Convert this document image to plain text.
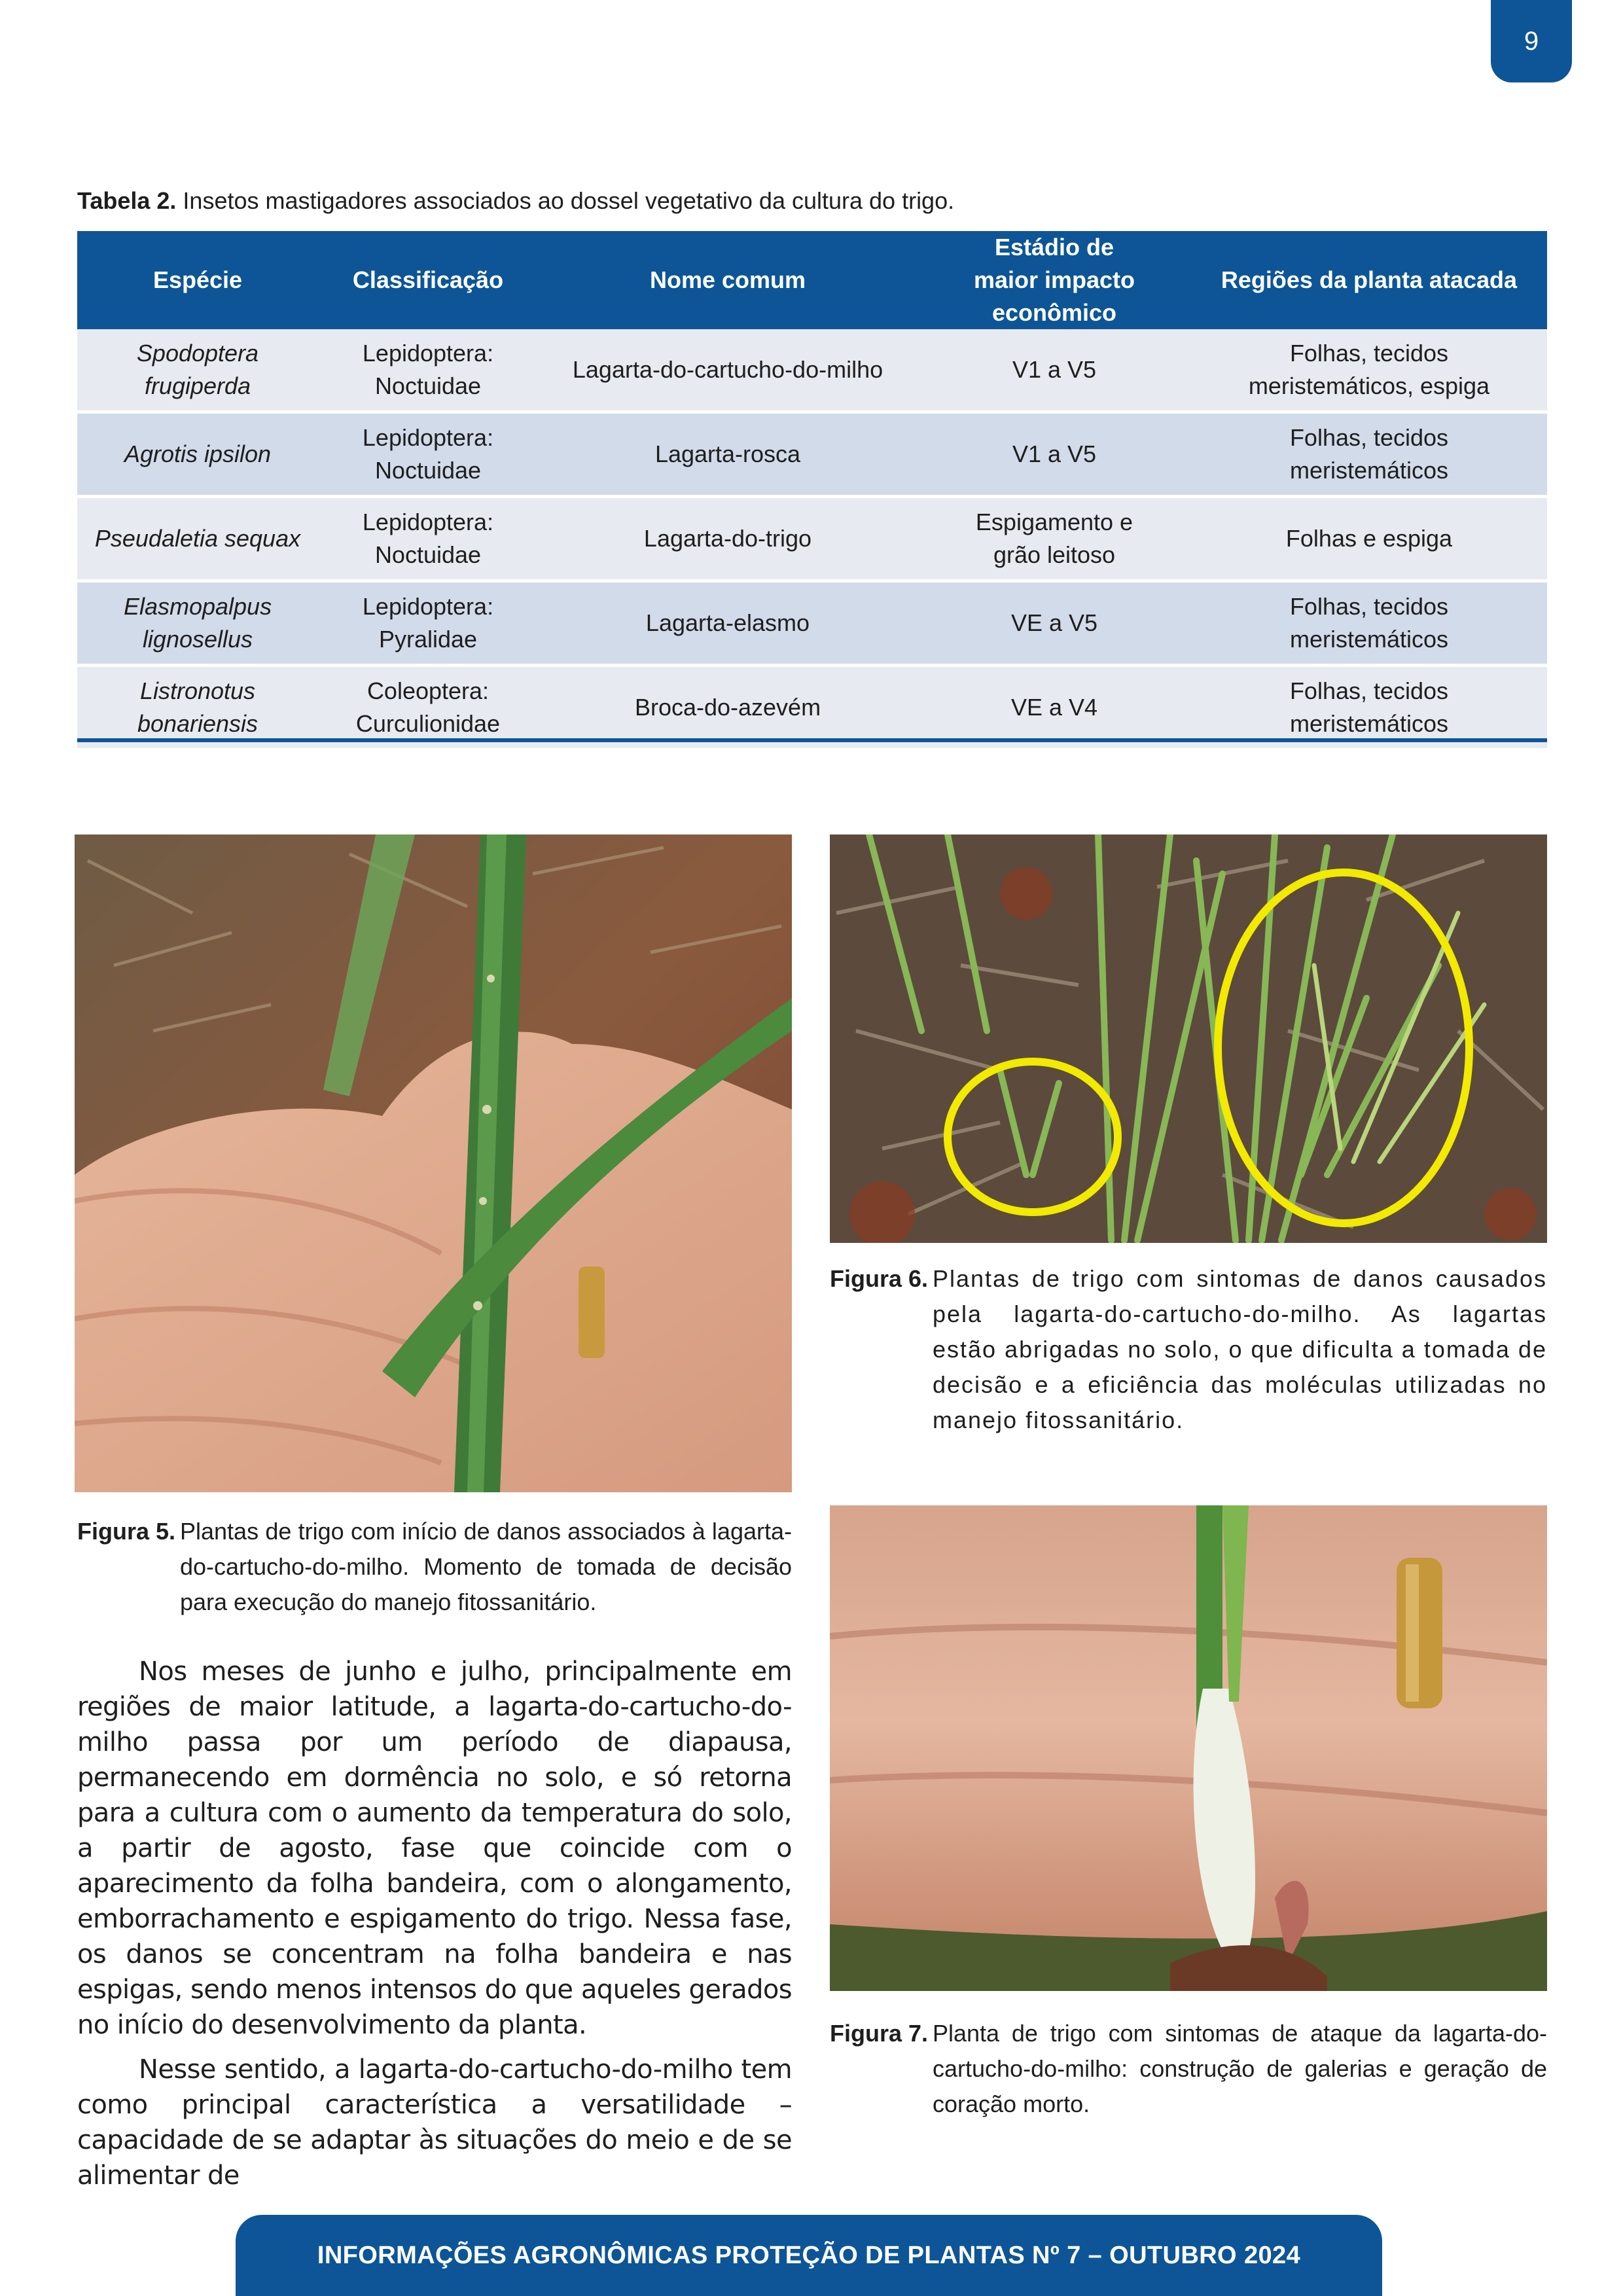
9
Tabela 2. Insetos mastigadores associados ao dossel vegetativo da cultura do trigo.
Espécie	Classificação	Nome comum	Estádio de maior impacto econômico	Regiões da planta atacada
Spodoptera frugiperda	Lepidoptera: Noctuidae	Lagarta-do-cartucho-do-milho	V1 a V5	Folhas, tecidos meristemáticos, espiga
Agrotis ipsilon	Lepidoptera: Noctuidae	Lagarta-rosca	V1 a V5	Folhas, tecidos meristemáticos
Pseudaletia sequax	Lepidoptera: Noctuidae	Lagarta-do-trigo	Espigamento e grão leitoso	Folhas e espiga
Elasmopalpus lignosellus	Lepidoptera: Pyralidae	Lagarta-elasmo	VE a V5	Folhas, tecidos meristemáticos
Listronotus bonariensis	Coleoptera: Curculionidae	Broca-do-azevém	VE a V4	Folhas, tecidos meristemáticos
Figura 6. Plantas de trigo com sintomas de danos causados pela lagarta-do-cartucho-do-milho. As lagartas estão abrigadas no solo, o que dificulta a tomada de decisão e a eficiência das moléculas utilizadas no manejo fitossanitário.
Figura 5. Plantas de trigo com início de danos associados à lagarta-do-cartucho-do-milho. Momento de tomada de decisão para execução do manejo fitossanitário.
Figura 7. Planta de trigo com sintomas de ataque da lagarta-do-cartucho-do-milho: construção de galerias e geração de coração morto.

Nos meses de junho e julho, principalmente em regiões de maior latitude, a lagarta-do-cartucho-do-milho passa por um período de diapausa, permanecendo em dormência no solo, e só retorna para a cultura com o aumento da temperatura do solo, a partir de agosto, fase que coincide com o aparecimento da folha bandeira, com o alongamento, emborrachamento e espigamento do trigo. Nessa fase, os danos se concentram na folha bandeira e nas espigas, sendo menos intensos do que aqueles gerados no início do desenvolvimento da planta.

Nesse sentido, a lagarta-do-cartucho-do-milho tem como principal característica a versatilidade – capacidade de se adaptar às situações do meio e de se alimentar de

INFORMAÇÕES AGRONÔMICAS PROTEÇÃO DE PLANTAS Nº 7 – OUTUBRO 2024
